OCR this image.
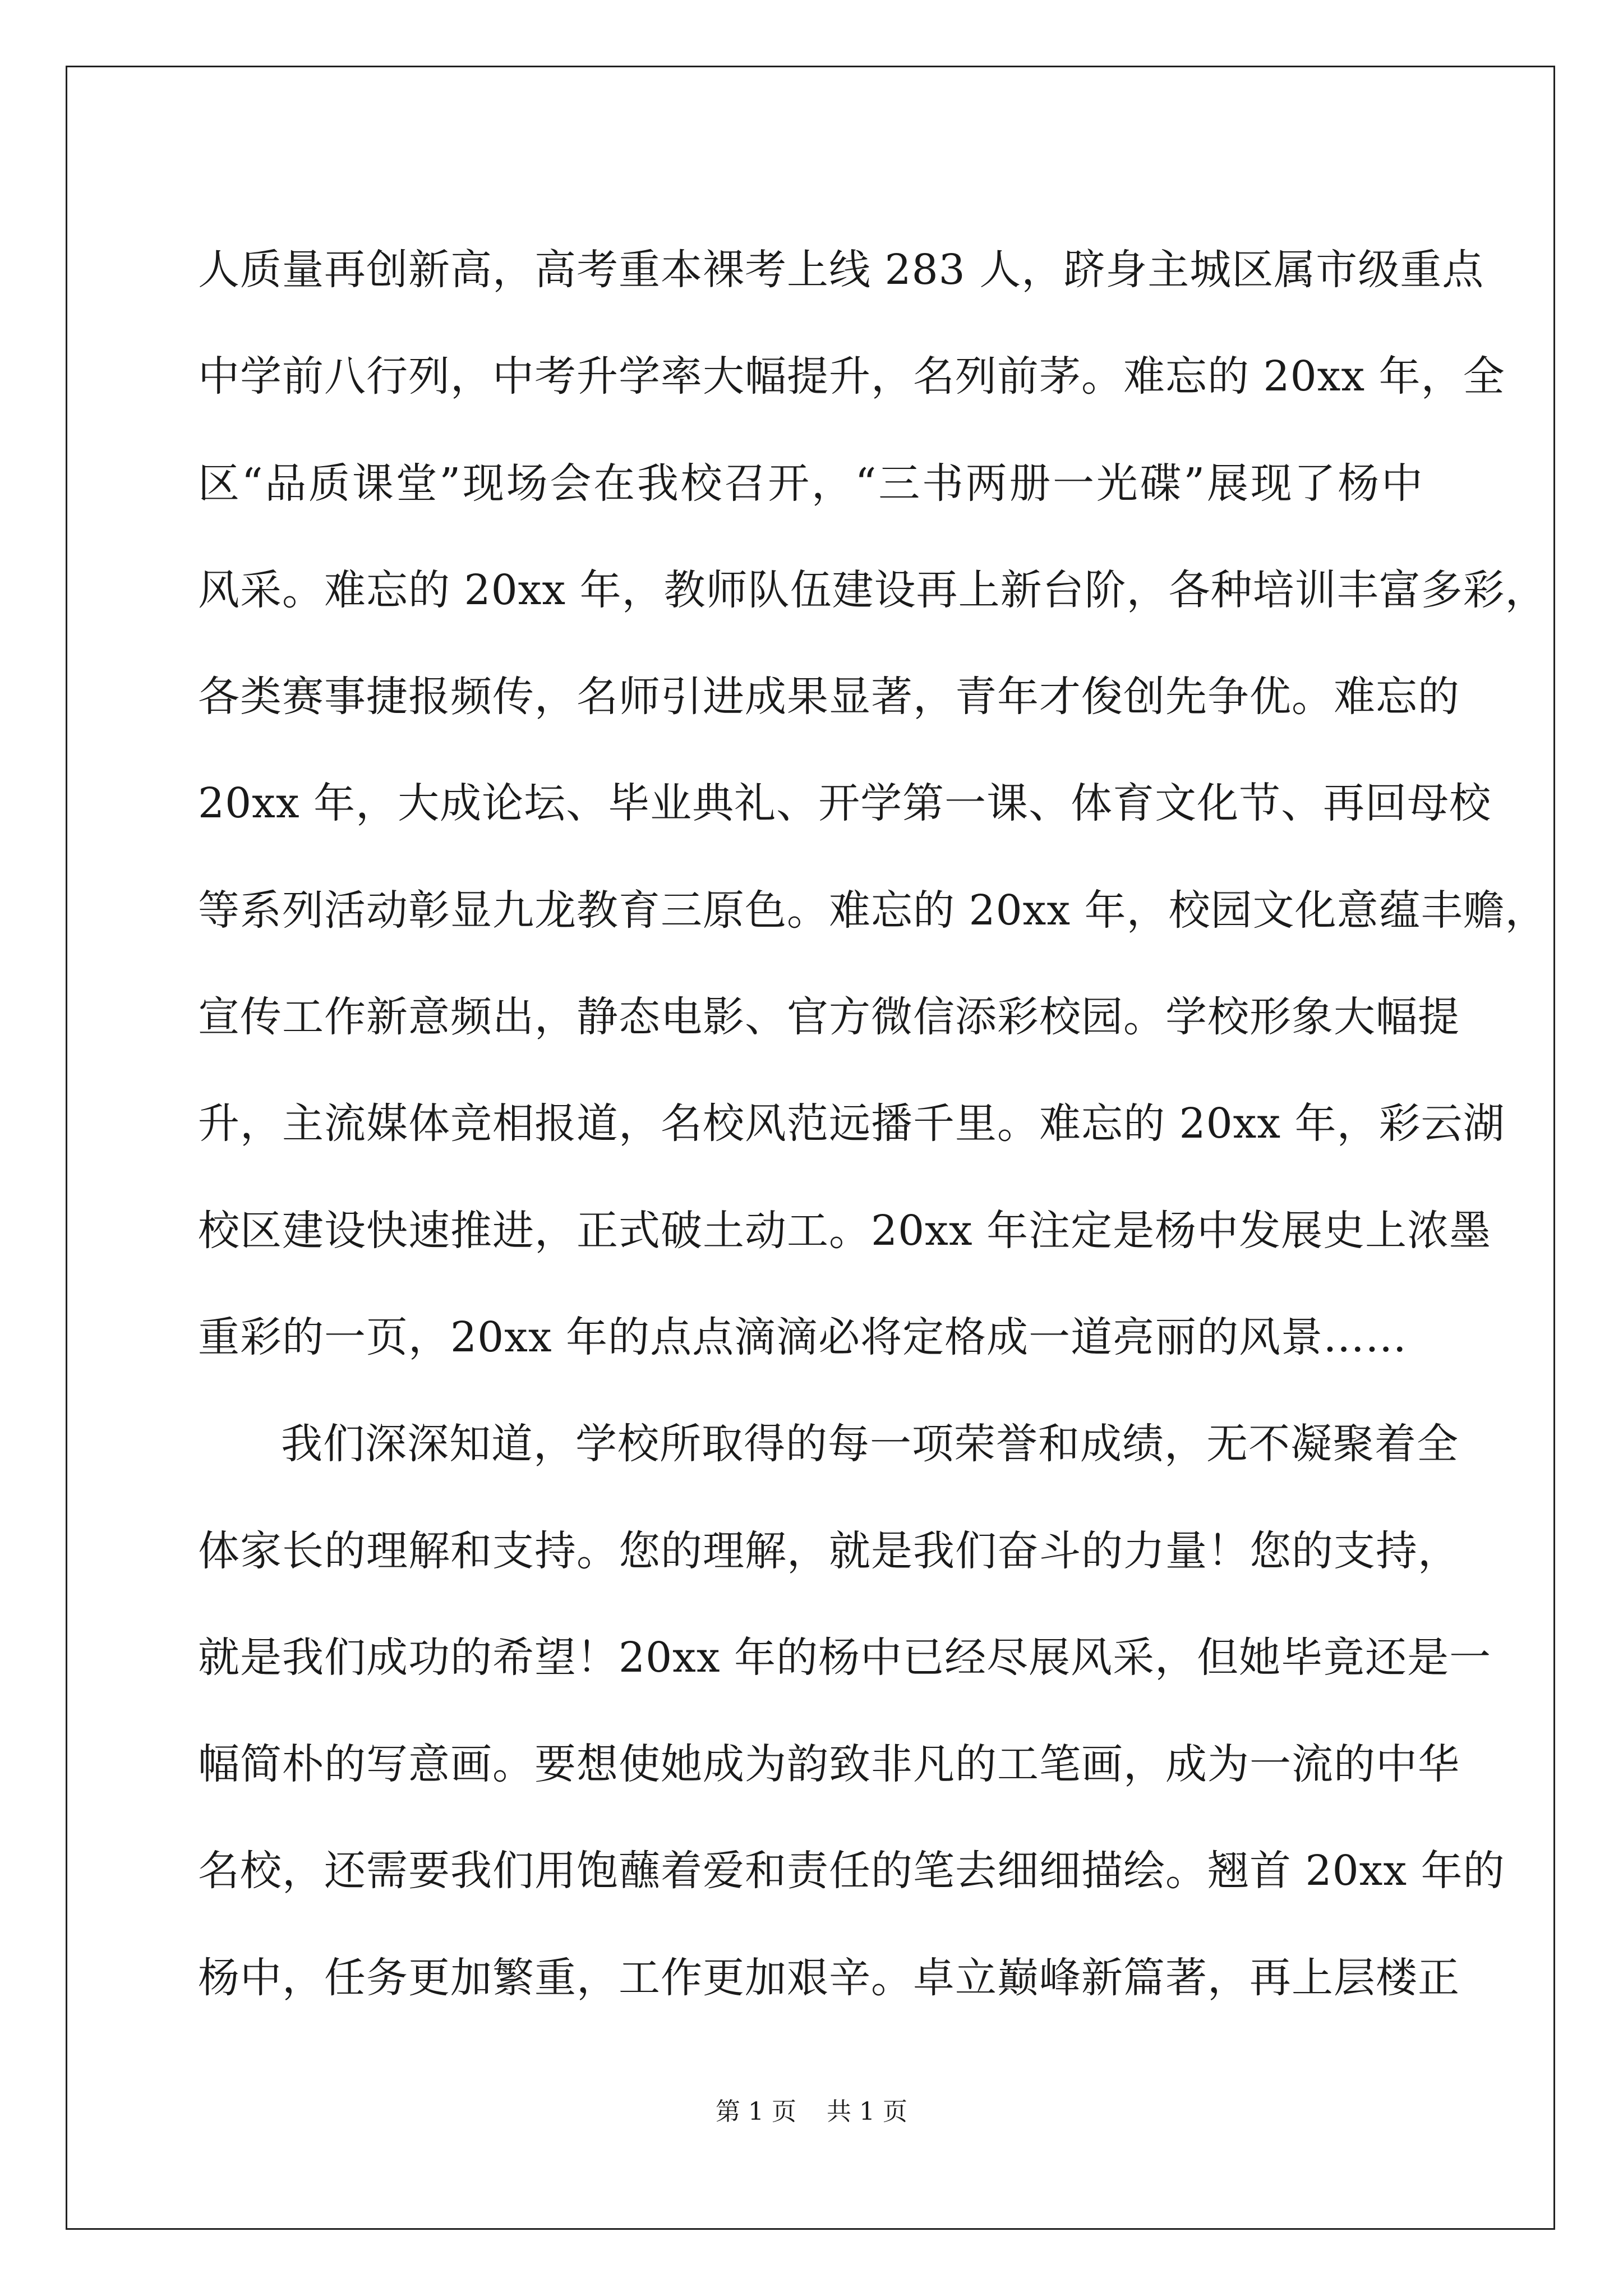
人质量再创新高，高考重本裸考上线 283 人，跻身主城区属市级重点
中学前八行列，中考升学率大幅提升，名列前茅。难忘的 20xx 年，全
区“品质课堂”现场会在我校召开，“三书两册一光碟”展现了杨中
风采。难忘的 20xx 年，教师队伍建设再上新台阶，各种培训丰富多彩，
各类赛事捷报频传，名师引进成果显著，青年才俊创先争优。难忘的
20xx 年，大成论坛、毕业典礼、开学第一课、体育文化节、再回母校
等系列活动彰显九龙教育三原色。难忘的 20xx 年，校园文化意蕴丰赡，
宣传工作新意频出，静态电影、官方微信添彩校园。学校形象大幅提
升，主流媒体竞相报道，名校风范远播千里。难忘的 20xx 年，彩云湖
校区建设快速推进，正式破土动工。20xx 年注定是杨中发展史上浓墨
重彩的一页，20xx 年的点点滴滴必将定格成一道亮丽的风景……
我们深深知道，学校所取得的每一项荣誉和成绩，无不凝聚着全
体家长的理解和支持。您的理解，就是我们奋斗的力量！您的支持，
就是我们成功的希望！20xx 年的杨中已经尽展风采，但她毕竟还是一
幅简朴的写意画。要想使她成为韵致非凡的工笔画，成为一流的中华
名校，还需要我们用饱蘸着爱和责任的笔去细细描绘。翘首 20xx 年的
杨中，任务更加繁重，工作更加艰辛。卓立巅峰新篇著，再上层楼正
第 1 页 共 1 页
